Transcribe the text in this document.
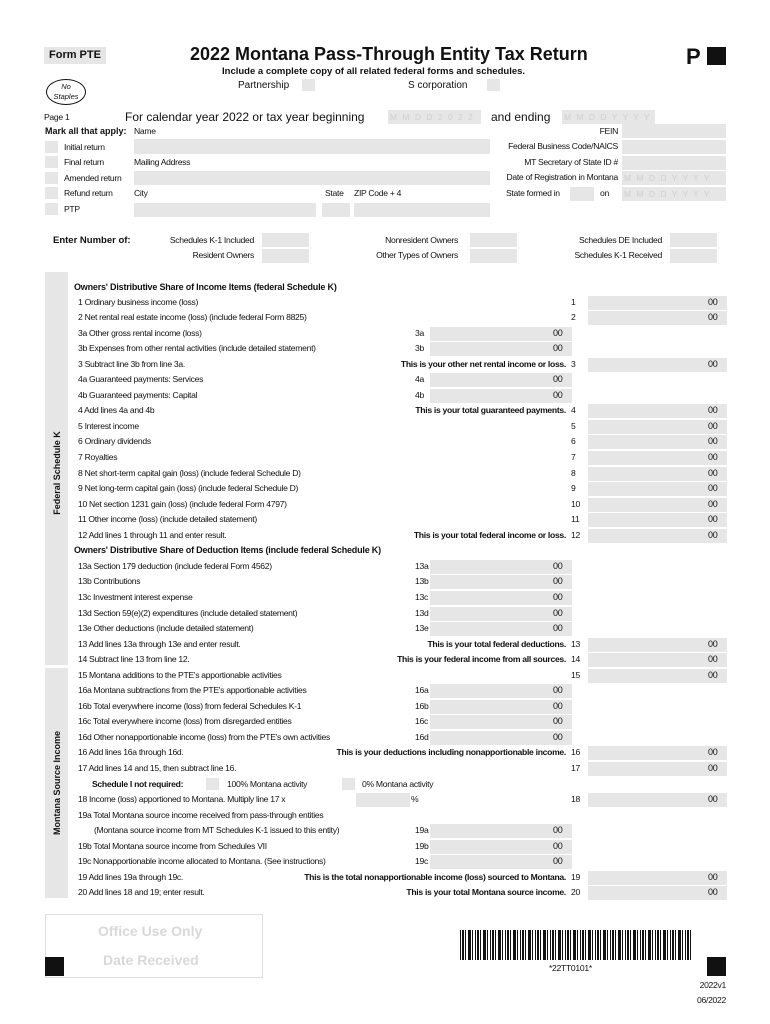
Form PTE	2022 Montana Pass-Through Entity Tax Return
Include a complete copy of all related federal forms and schedules.
P
No
Staples
Partnership	S corporation
Page 1	For calendar year 2022 or tax year beginning	M M D D 2 0 2 2	and ending M M D D Y Y Y Y
Mark all that apply: Name
Mailing Address
City	State ZIP Code + 4
Initial return
Final return
Amended return
Refund return
PTP
FEIN
Federal Business Code/NAICS
MT Secretary of State ID #
Date of Registration in Montana
State formed in	on
M M D D Y Y Y Y
M M D D Y Y Y Y
Enter Number of:	Schedules K-1 Included
Resident Owners
Nonresident Owners
Other Types of Owners
Schedules DE Included
Schedules K-1 Received
Federal Schedule K
Montana Source Income
Owners' Distributive Share of Income Items (federal Schedule K)
1 Ordinary business income (loss)	1	00
2 Net rental real estate income (loss) (include federal Form 8825)	2	00
3a Other gross rental income (loss)	3a	00
3b Expenses from other rental activities (include detailed statement)	3b	00
3 Subtract line 3b from line 3a.	This is your other net rental income or loss. 3	00
4a Guaranteed payments: Services	4a	00
4b Guaranteed payments: Capital	4b	00
4 Add lines 4a and 4b	This is your total guaranteed payments. 4	00
5 Interest income	5	00
6 Ordinary dividends	6	00
7 Royalties	7	00
8 Net short-term capital gain (loss) (include federal Schedule D)	8	00
9 Net long-term capital gain (loss) (include federal Schedule D)	9	00
10 Net section 1231 gain (loss) (include federal Form 4797)	10	00
11 Other income (loss) (include detailed statement)	11	00
12 Add lines 1 through 11 and enter result.	This is your total federal income or loss. 12	00
Owners' Distributive Share of Deduction Items (include federal Schedule K)
13a Section 179 deduction (include federal Form 4562)	13a	00
13b Contributions	13b	00
13c Investment interest expense	13c	00
13d Section 59(e)(2) expenditures (include detailed statement)	13d	00
13e Other deductions (include detailed statement)	13e	00
13 Add lines 13a through 13e and enter result.	This is your total federal deductions. 13	00
14 Subtract line 13 from line 12.	This is your federal income from all sources. 14	00
15 Montana additions to the PTE's apportionable activities	15	00
16a Montana subtractions from the PTE's apportionable activities	16a	00
16b Total everywhere income (loss) from federal Schedules K-1	16b	00
16c Total everywhere income (loss) from disregarded entities	16c	00
16d Other nonapportionable income (loss) from the PTE's own activities	16d	00
16 Add lines 16a through 16d.	This is your deductions including nonapportionable income. 16	00
17 Add lines 14 and 15, then subtract line 16.	17	00
Schedule I not required:	100% Montana activity	0% Montana activity
18 Income (loss) apportioned to Montana. Multiply line 17 x	%	18	00
19a Total Montana source income received from pass-through entities
(Montana source income from MT Schedules K-1 issued to this entity)	19a	00
19b Total Montana source income from Schedules VII	19b	00
19c Nonapportionable income allocated to Montana. (See instructions)	19c	00
19 Add lines 19a through 19c.	This is the total nonapportionable income (loss) sourced to Montana. 19	00
20 Add lines 18 and 19; enter result.	This is your total Montana source income. 20	00
Office Use Only
Date Received	*22TT0101*
2022v1
06/2022
